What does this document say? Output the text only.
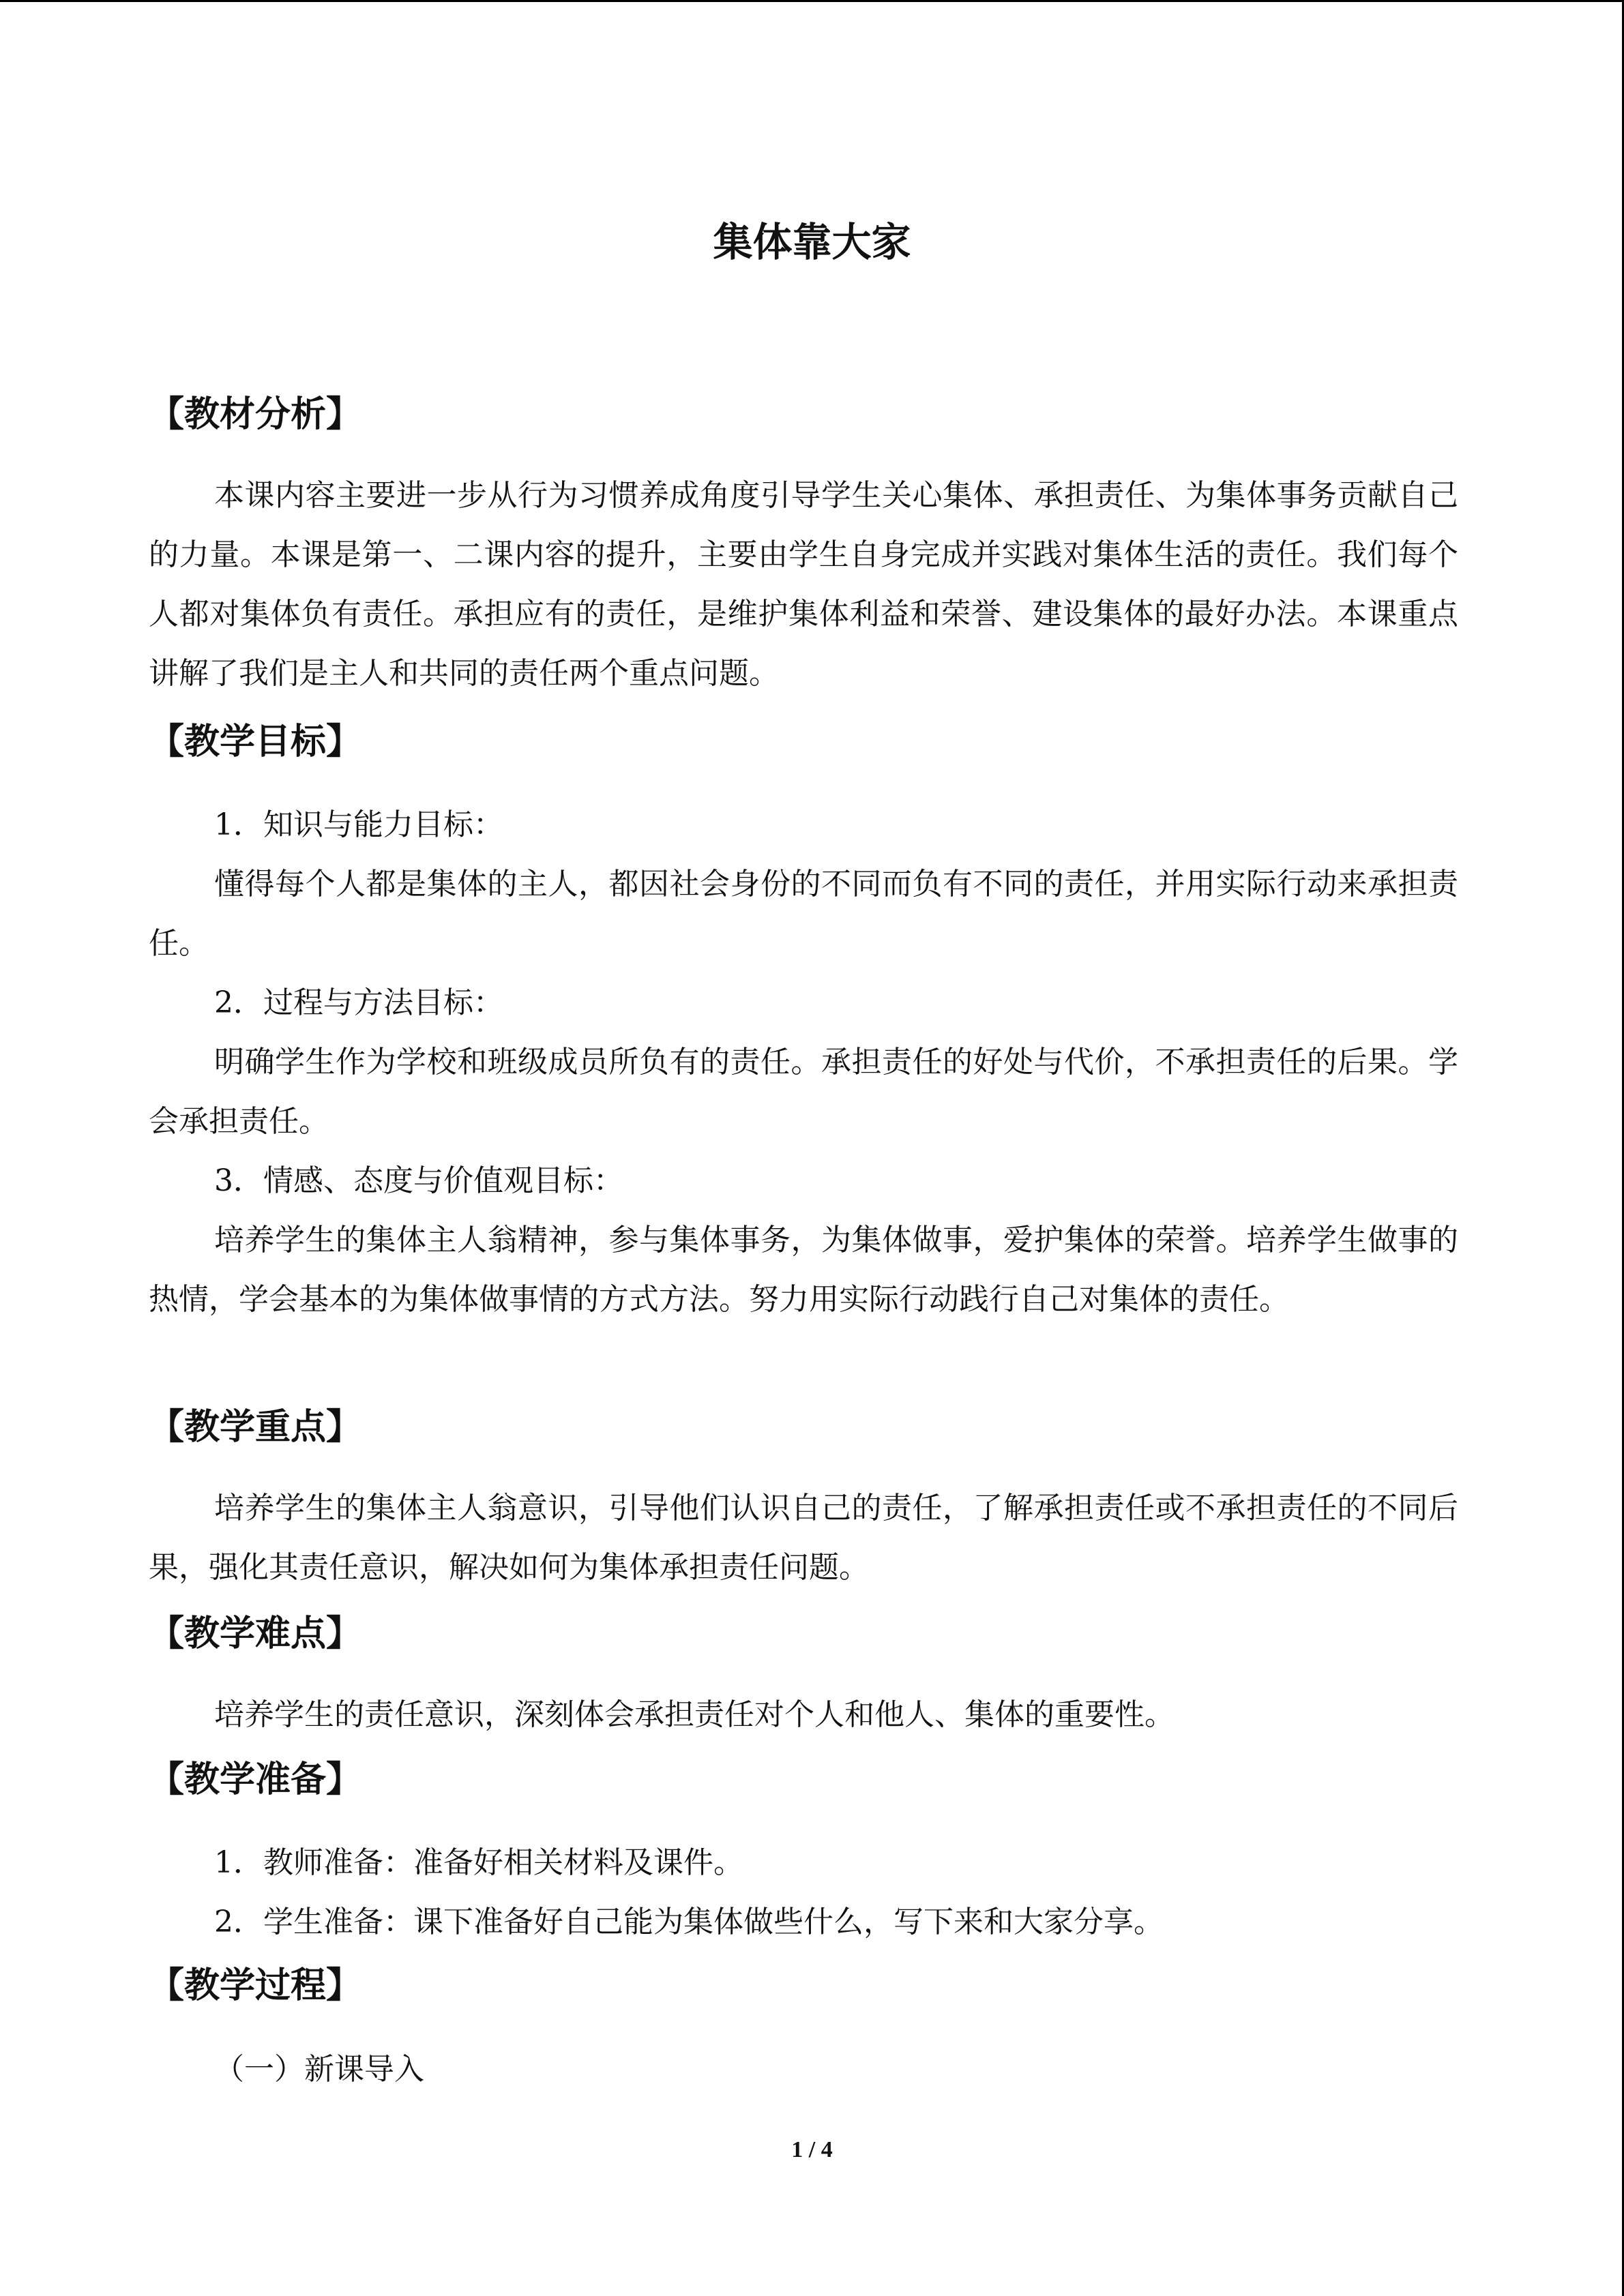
集体靠大家
【教材分析】

本课内容主要进一步从行为习惯养成角度引导学生关心集体、承担责任、为集体事务贡献自己的力量。本课是第一、二课内容的提升，主要由学生自身完成并实践对集体生活的责任。我们每个人都对集体负有责任。承担应有的责任，是维护集体利益和荣誉、建设集体的最好办法。本课重点讲解了我们是主人和共同的责任两个重点问题。

【教学目标】

1．知识与能力目标：

懂得每个人都是集体的主人，都因社会身份的不同而负有不同的责任，并用实际行动来承担责任。

2．过程与方法目标：

明确学生作为学校和班级成员所负有的责任。承担责任的好处与代价，不承担责任的后果。学会承担责任。

3．情感、态度与价值观目标：

培养学生的集体主人翁精神，参与集体事务，为集体做事，爱护集体的荣誉。培养学生做事的热情，学会基本的为集体做事情的方式方法。努力用实际行动践行自己对集体的责任。

【教学重点】

培养学生的集体主人翁意识，引导他们认识自己的责任，了解承担责任或不承担责任的不同后果，强化其责任意识，解决如何为集体承担责任问题。

【教学难点】

培养学生的责任意识，深刻体会承担责任对个人和他人、集体的重要性。

【教学准备】

1．教师准备：准备好相关材料及课件。

2．学生准备：课下准备好自己能为集体做些什么，写下来和大家分享。

【教学过程】

（一）新课导入

1 / 4
